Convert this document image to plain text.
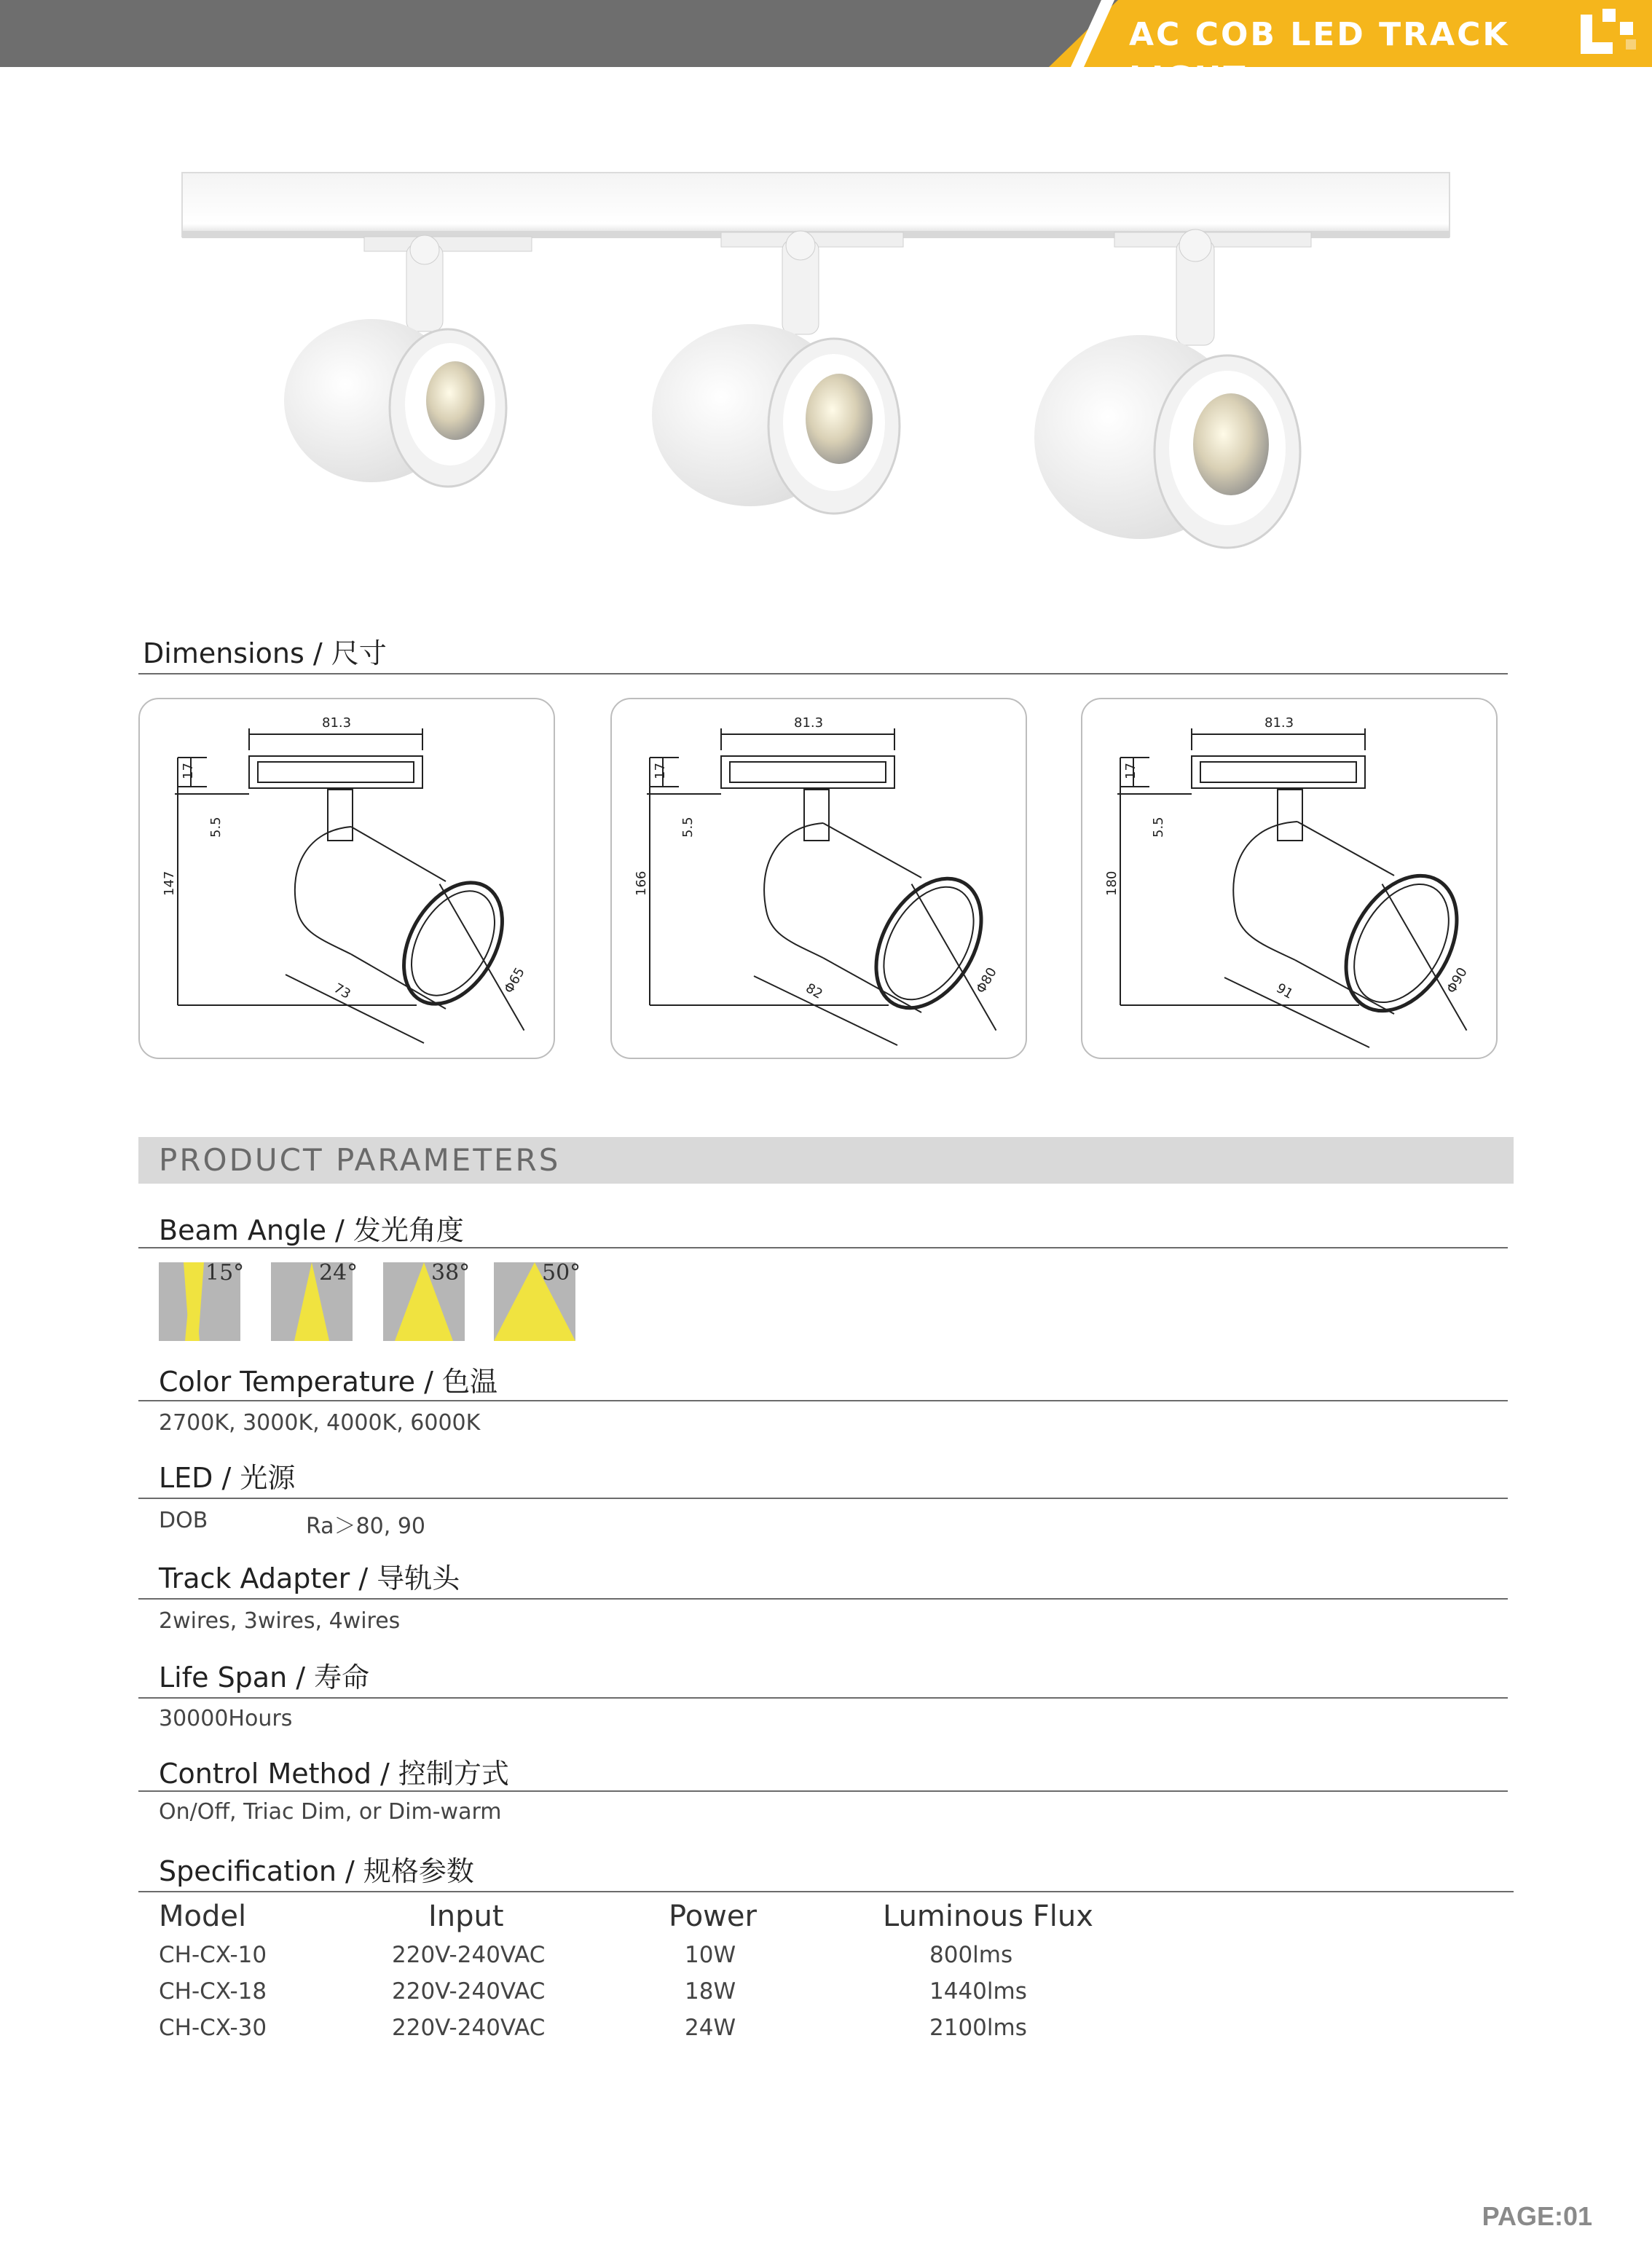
AC COB LED TRACK LIGHT
Dimensions / 尺寸
81.3
17
5.5
147
73	Φ65
81.3
17
5.5
166
82	Φ80
81.3
17
5.5
180
91	Φ90
PRODUCT PARAMETERS
Beam Angle / 发光角度
15°	24°	38°	50°
Color Temperature / 色温
2700K, 3000K, 4000K, 6000K
LED / 光源
DOB	Ra＞80, 90
Track Adapter / 导轨头
2wires, 3wires, 4wires
Life Span / 寿命
30000Hours
Control Method / 控制方式
On/Off, Triac Dim, or Dim-warm
Specification / 规格参数
Model	Input	Power	Luminous Flux
CH-CX-10	220V-240VAC	10W	800lms
CH-CX-18	220V-240VAC	18W	1440lms
CH-CX-30	220V-240VAC	24W	2100lms
PAGE:01
